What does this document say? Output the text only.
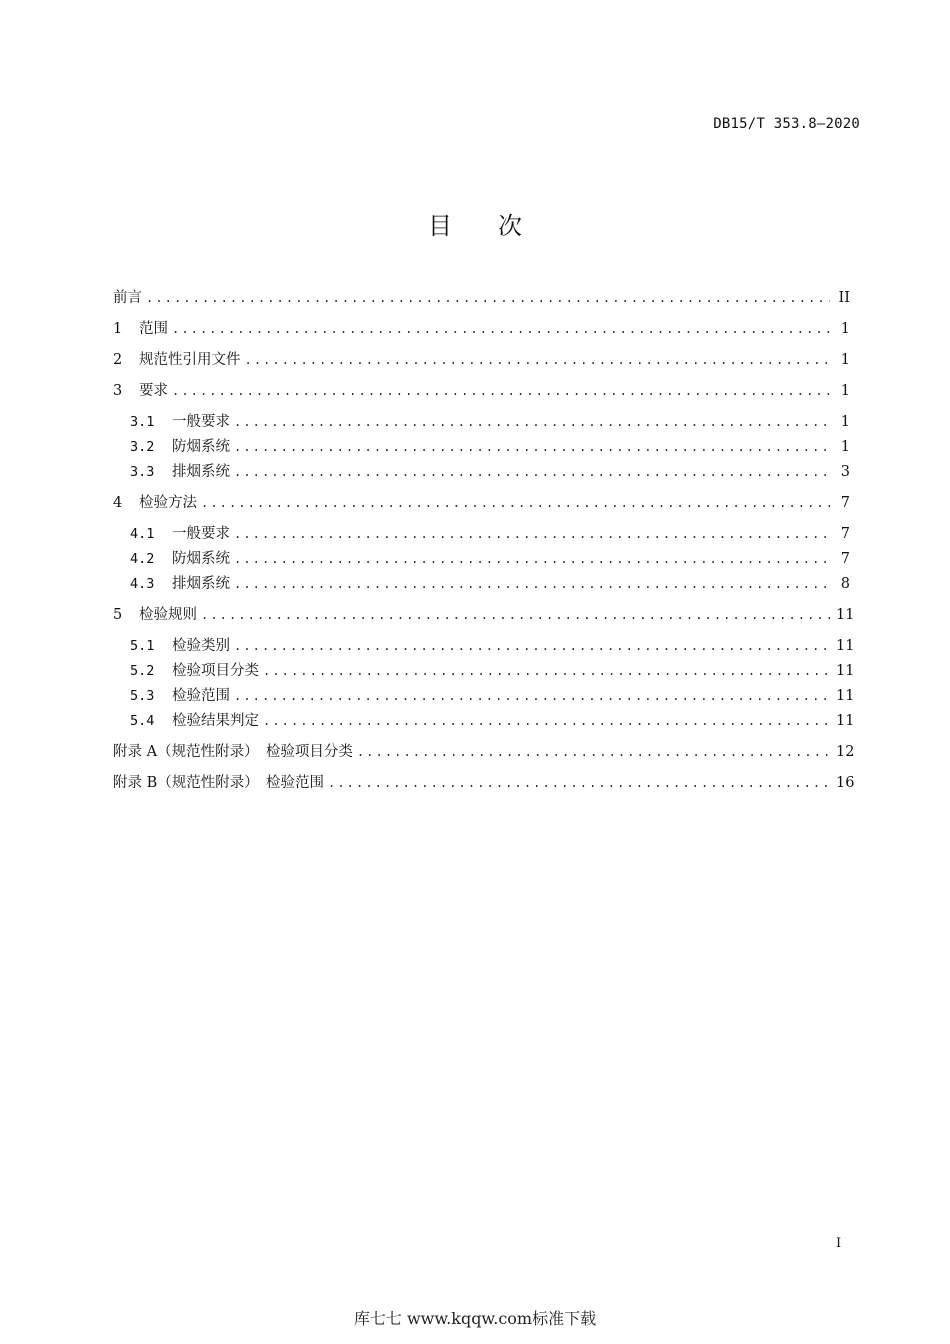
DB15/T 353.8—2020
目 次
前言 .....	II
1	范围 .....	1
2	规范性引用文件 .....	1
3	要求 .....	1
3.1	一般要求 .....	1
3.2	防烟系统 .....	1
3.3	排烟系统 .....	3
4	检验方法 .....	7
4.1	一般要求 .....	7
4.2	防烟系统 .....	7
4.3	排烟系统 .....	8
5	检验规则 .....	11
5.1	检验类别 .....	11
5.2	检验项目分类 .....	11
5.3	检验范围 .....	11
5.4	检验结果判定 .....	11
附录 A（规范性附录）　检验项目分类 .....	12
附录 B（规范性附录）　检验范围 .....	16
I
库七七 www.kqqw.com标准下载
